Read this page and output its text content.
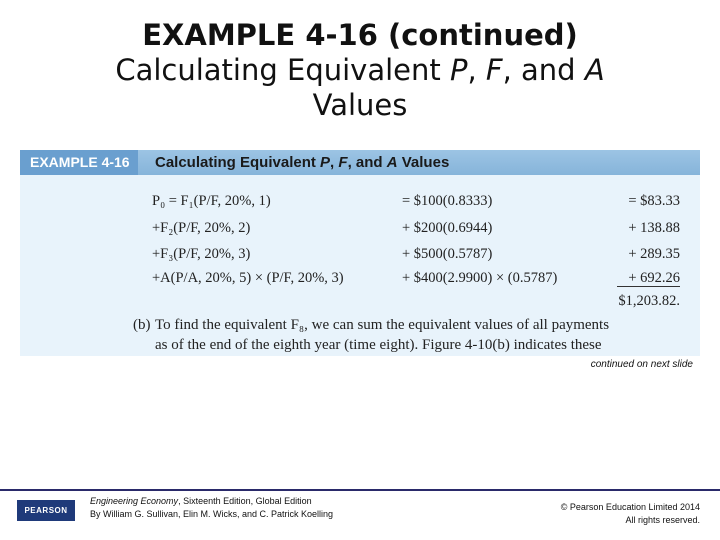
EXAMPLE 4-16 (continued)
Calculating Equivalent P, F, and A
Values
EXAMPLE 4-16	Calculating Equivalent P, F, and A Values
P₀ = F₁(P/F, 20%, 1)	= $100(0.8333)	= $83.33
+F₂(P/F, 20%, 2)	+ $200(0.6944)	+ 138.88
+F₃(P/F, 20%, 3)	+ $500(0.5787)	+ 289.35
+A(P/A, 20%, 5) × (P/F, 20%, 3)	+ $400(2.9900) × (0.5787)	+ 692.26
$1,203.82.
(b) To find the equivalent F₈, we can sum the equivalent values of all payments
as of the end of the eighth year (time eight). Figure 4-10(b) indicates these
continued on next slide
PEARSON
Engineering Economy, Sixteenth Edition, Global Edition
By William G. Sullivan, Elin M. Wicks, and C. Patrick Koelling
© Pearson Education Limited 2014
All rights reserved.
